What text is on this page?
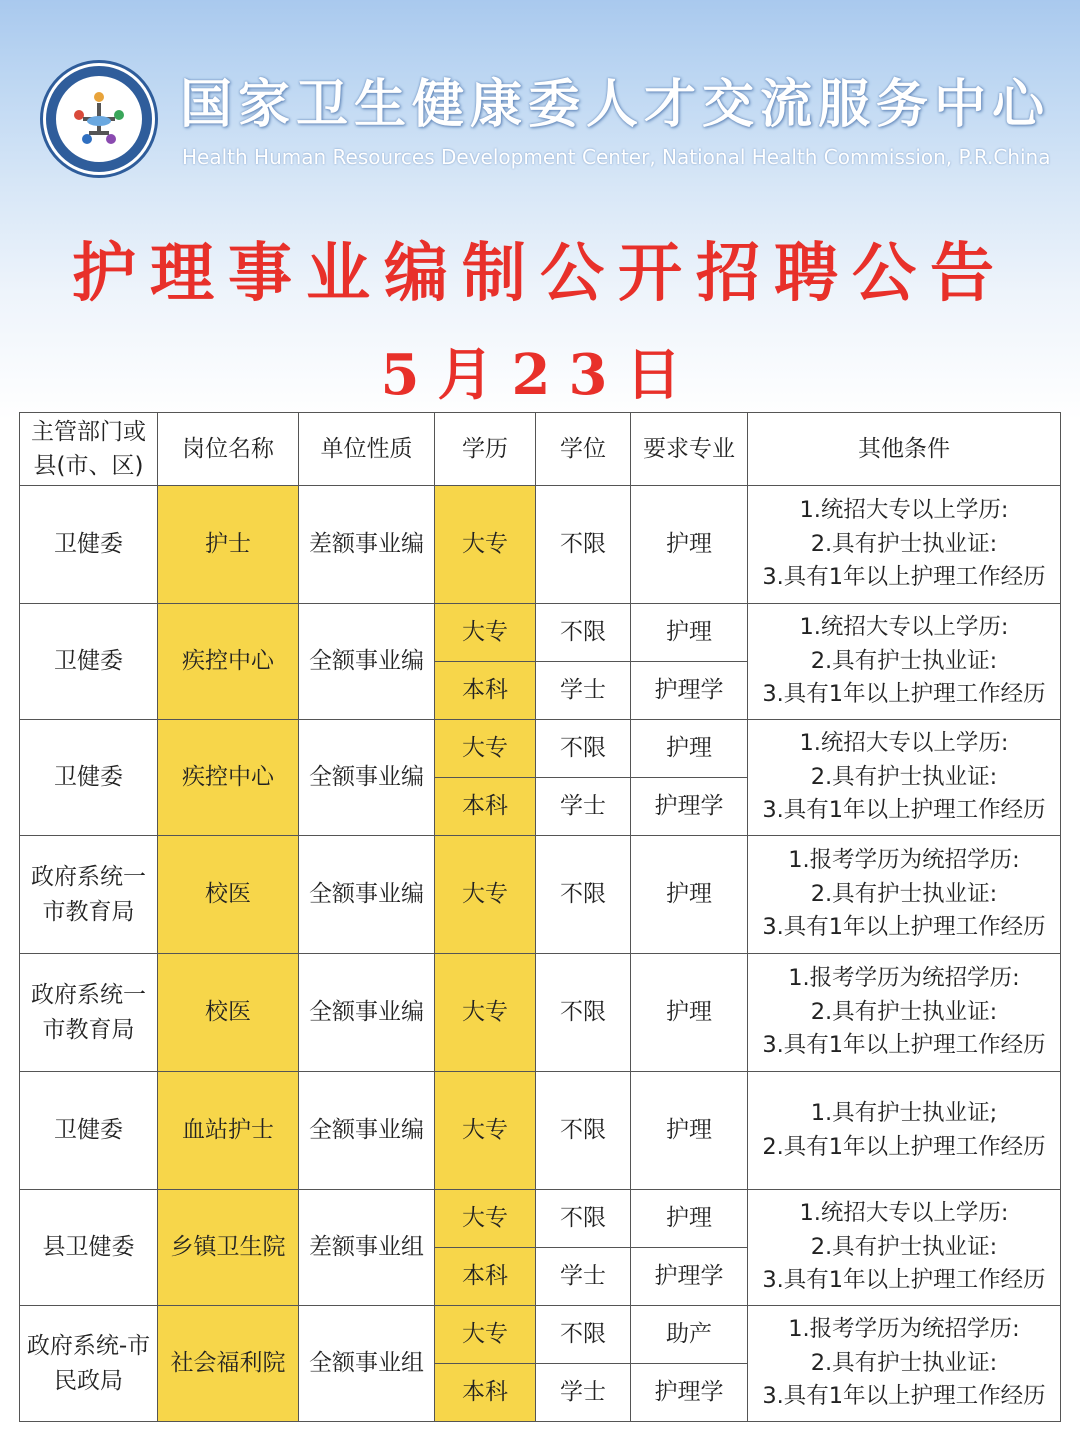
国家卫生健康委人才交流服务中心
Health Human Resources Development Center, National Health Commission, P.R.China
护理事业编制公开招聘公告
5月23日
主管部门或县(市、区)	岗位名称	单位性质	学历	学位	要求专业	其他条件
卫健委	护士	差额事业编	大专	不限	护理	1.统招大专以上学历:
2.具有护士执业证:
3.具有1年以上护理工作经历

卫健委	疾控中心	全额事业编	大专	不限	护理	1.统招大专以上学历:
2.具有护士执业证:
3.具有1年以上护理工作经历

			本科	学士	护理学	
卫健委	疾控中心	全额事业编	大专	不限	护理	1.统招大专以上学历:
2.具有护士执业证:
3.具有1年以上护理工作经历

			本科	学士	护理学	
政府系统一市教育局	校医	全额事业编	大专	不限	护理	1.报考学历为统招学历:
2.具有护士执业证:
3.具有1年以上护理工作经历

政府系统一市教育局	校医	全额事业编	大专	不限	护理	1.报考学历为统招学历:
2.具有护士执业证:
3.具有1年以上护理工作经历

卫健委	血站护士	全额事业编	大专	不限	护理	1.具有护士执业证;
2.具有1年以上护理工作经历

县卫健委	乡镇卫生院	差额事业组	大专	不限	护理	1.统招大专以上学历:
2.具有护士执业证:
3.具有1年以上护理工作经历

			本科	学士	护理学	
政府系统-市民政局	社会福利院	全额事业组	大专	不限	助产	1.报考学历为统招学历:
2.具有护士执业证:
3.具有1年以上护理工作经历

			本科	学士	护理学	
